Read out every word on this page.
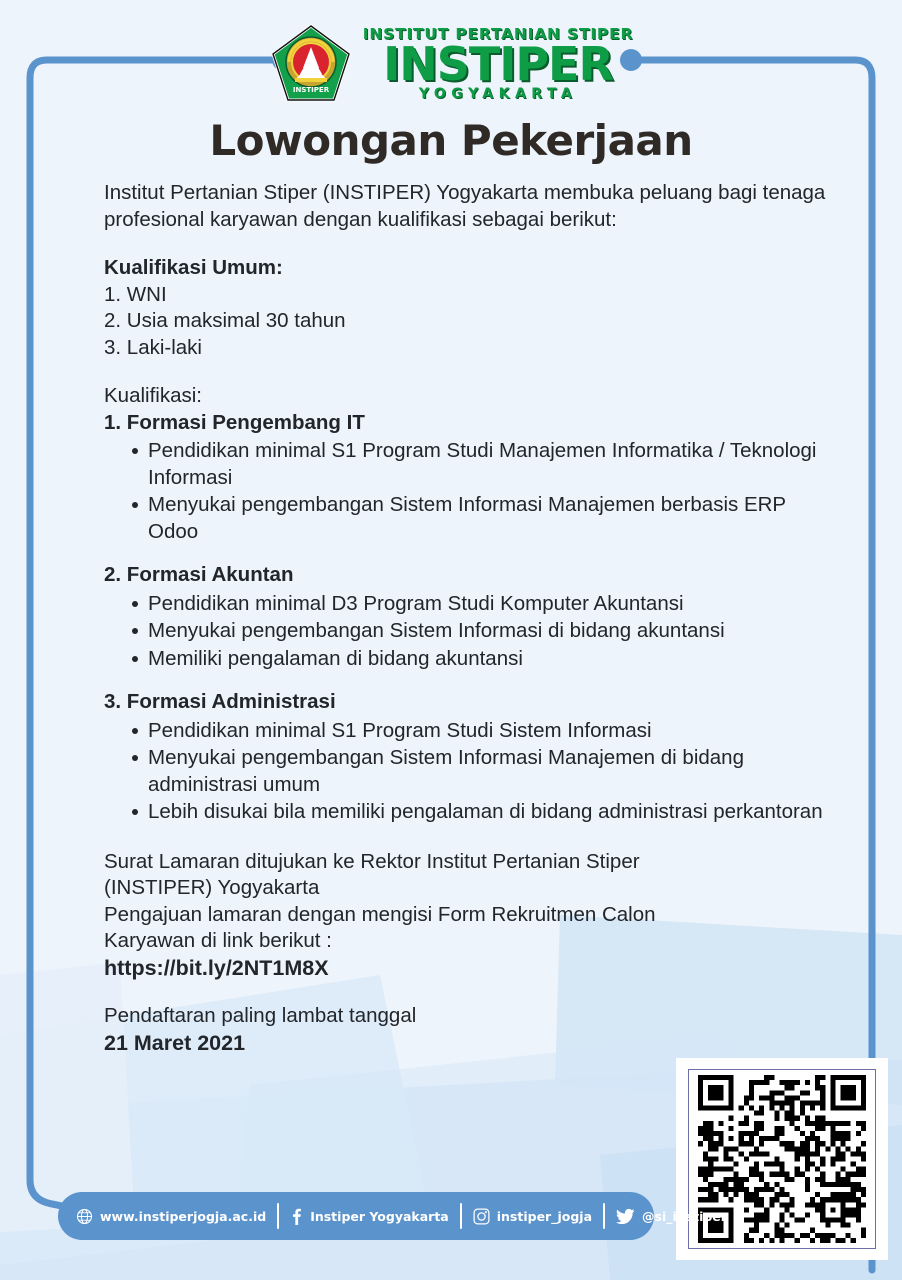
INSTIPER
INSTITUT PERTANIAN STIPER
INSTIPER
YOGYAKARTA
Lowongan Pekerjaan

Institut Pertanian Stiper (INSTIPER) Yogyakarta membuka peluang bagi tenaga profesional karyawan dengan kualifikasi sebagai berikut:

Kualifikasi Umum:
1. WNI
2. Usia maksimal 30 tahun
3. Laki-laki
Kualifikasi:
1. Formasi Pengembang IT
Pendidikan minimal S1 Program Studi Manajemen Informatika / Teknologi Informasi
Menyukai pengembangan Sistem Informasi Manajemen berbasis ERP Odoo
2. Formasi Akuntan
Pendidikan minimal D3 Program Studi Komputer Akuntansi
Menyukai pengembangan Sistem Informasi di bidang akuntansi
Memiliki pengalaman di bidang akuntansi
3. Formasi Administrasi
Pendidikan minimal S1 Program Studi Sistem Informasi
Menyukai pengembangan Sistem Informasi Manajemen di bidang administrasi umum
Lebih disukai bila memiliki pengalaman di bidang administrasi perkantoran
Surat Lamaran ditujukan ke Rektor Institut Pertanian Stiper
(INSTIPER) Yogyakarta
Pengajuan lamaran dengan mengisi Form Rekruitmen Calon
Karyawan di link berikut :
https://bit.ly/2NT1M8X
Pendaftaran paling lambat tanggal
21 Maret 2021
www.instiperjogja.ac.id	Instiper Yogyakarta	instiper_jogja	@si_instiper
